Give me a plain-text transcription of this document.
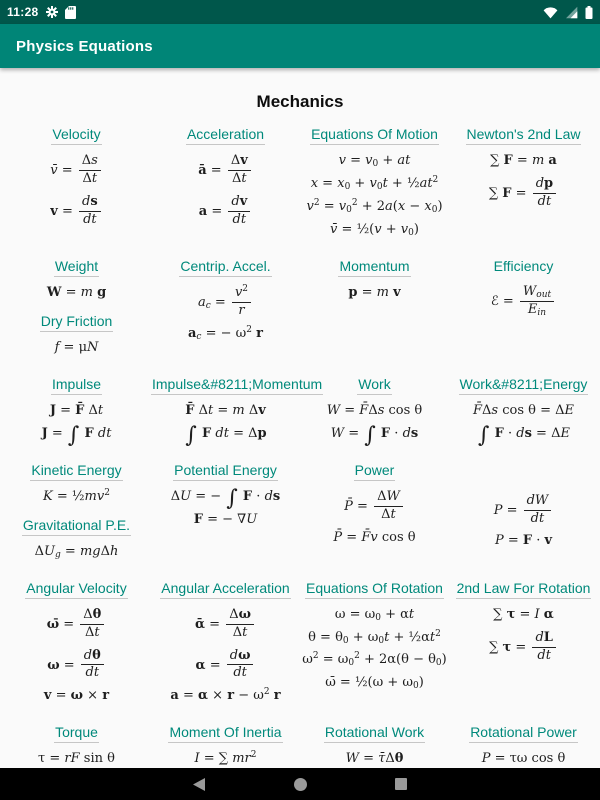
11:28
Physics Equations
Mechanics
Velocity
v̄ = $\frac{\Delta s}{\Delta t}$
$v = \frac{ds}{dt}$
Acceleration
ā = $\frac{\Delta v}{\Delta t}$
$a = \frac{dv}{dt}$
Equations Of Motion
$v = v_0$ + at
$x = x_0 + v_0t$ + $\frac{1}{2}at^2$
$v^2 = v_0^2 + 2a(x - x_0)$
v̄ = ½(v + $v_0$)
Newton's 2nd Law
∑ F = m a
∑ $F = \frac{dp}{dt}$
Weight
W = m g
Dry Friction
f = μN
Centrip. Accel.
$a_c = \frac{v^2}{r}$
$a_c$ = − $\omega^2$ r
Momentum
p = m v
Efficiency
ℰ =
$W_{out}$
$E_{in}$
Impulse
J = F̄ Δt
J = ∫ F dt
Impulse&#8211;Momentum
F̄ Δt = m Δv
∫ F dt = Δp
Work
W = F̄Δs cos θ
W = ∫ F · ds
Work&#8211;Energy
F̄Δs cos θ = ΔE
∫ F · ds = ΔE
Kinetic Energy
$K = \frac{1}{2}mv^2$
Gravitational P.E.
$\Delta U_g = mg\Delta h$
Potential Energy
ΔU = − ∫ F · ds
F = − ∇U
Power
P̄ = $\frac{\Delta W}{\Delta t}$
P̄ = F̄v cos θ
$P = \frac{dW}{dt}$
P = F · v
Angular Velocity
ω̄ = $\frac{\Delta\theta}{\Delta t}$
$\omega = \frac{d\theta}{dt}$
v = ω × r
Angular Acceleration
ᾱ = $\frac{\Delta\omega}{\Delta t}$
$\alpha = \frac{d\omega}{dt}$
$a = \alpha \times r - \omega^2$ r
Equations Of Rotation
$\omega = \omega_0 + \alpha t$
$\theta = \theta_0 + \omega_0t$ + $\frac{1}{2}\alpha t^2$
$\omega^2 = \omega_0^2 + 2\alpha(\theta - \theta_0)$
ω̄ = ½(ω + $\omega_0$)
2nd Law For Rotation
∑ τ = I α
∑ $\tau = \frac{dL}{dt}$
Torque
τ = rF sin θ
Moment Of Inertia
I = ∑ $mr^2$
Rotational Work
W = τ̄Δθ
Rotational Power
P = τω cos θ
